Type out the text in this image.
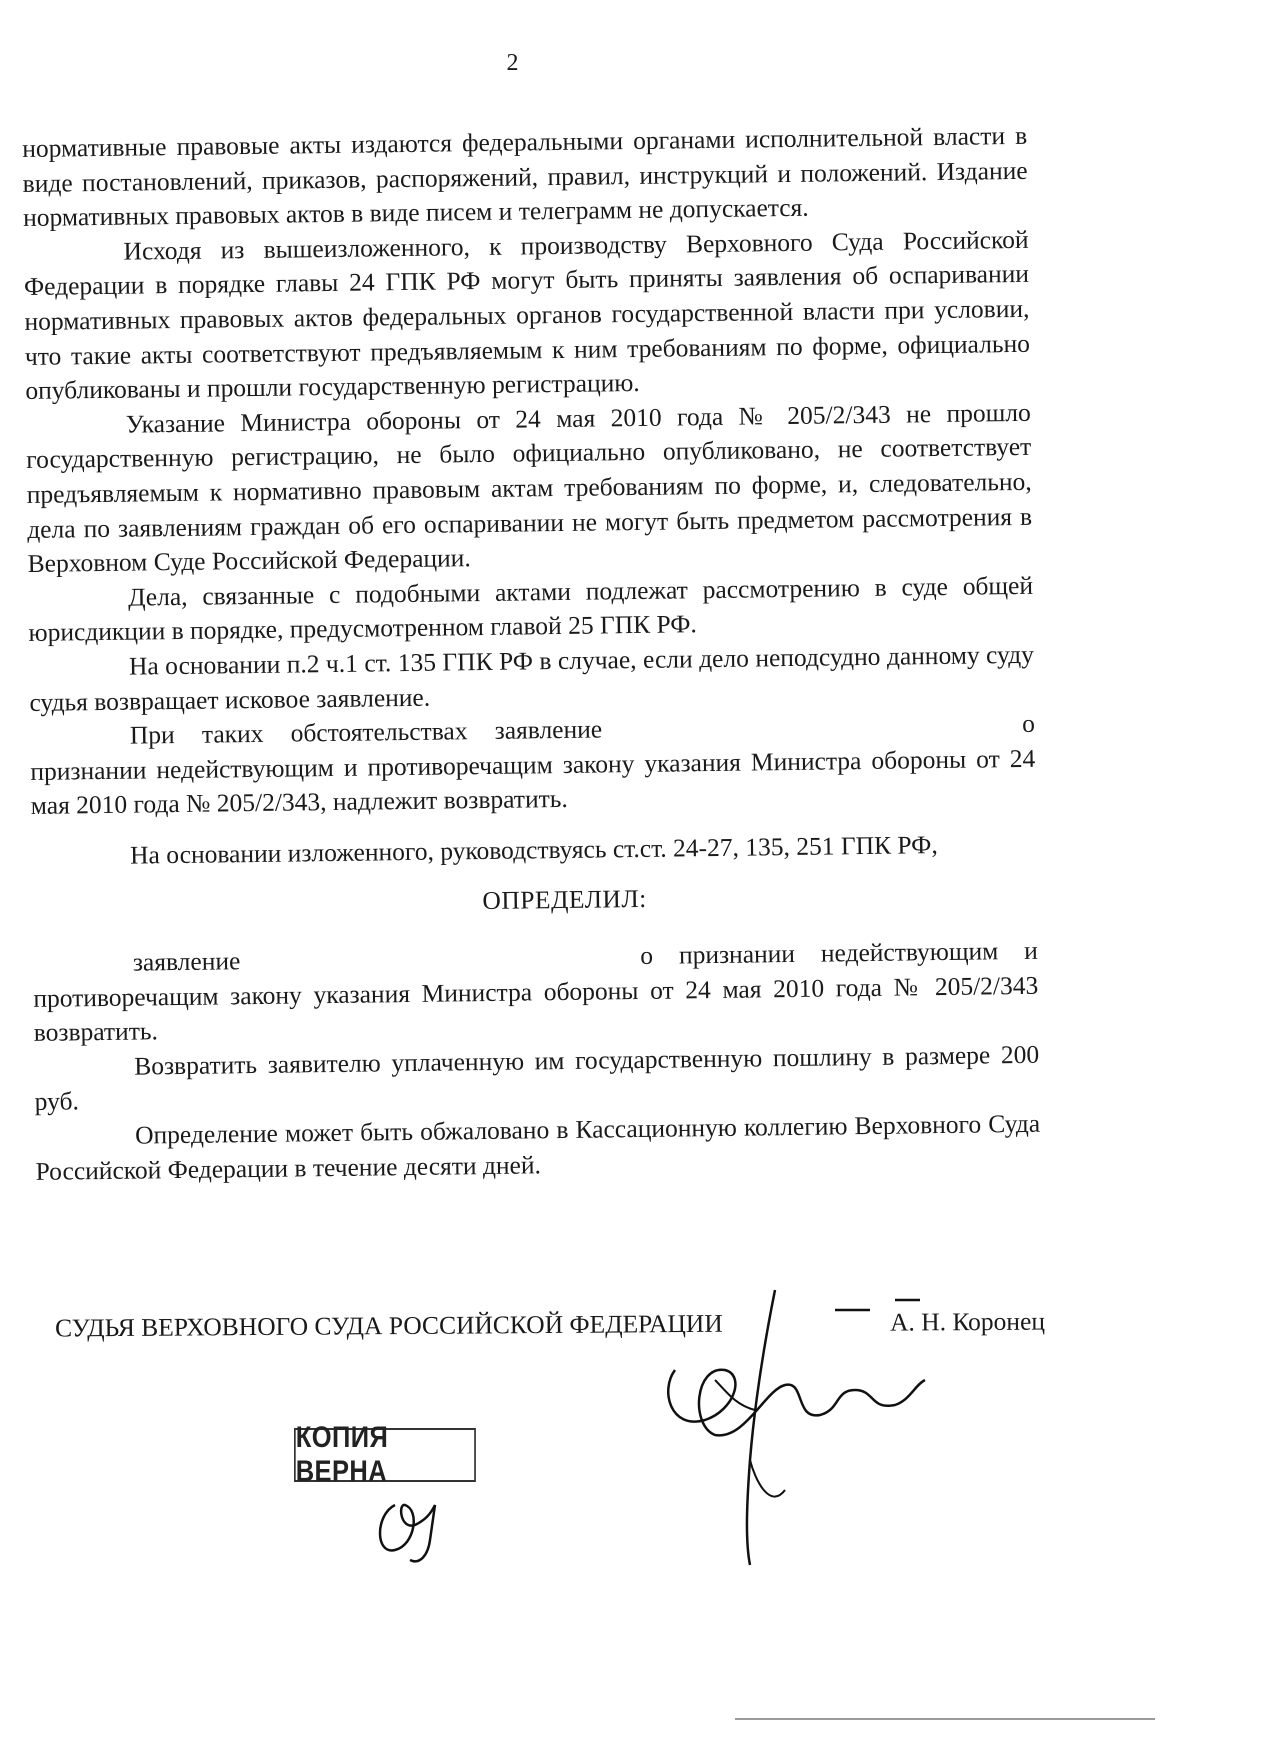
2

нормативные правовые акты издаются федеральными органами исполнительной власти в виде постановлений, приказов, распоряжений, правил, инструкций и положений. Издание нормативных правовых актов в виде писем и телеграмм не допускается.

Исходя из вышеизложенного, к производству Верховного Суда Российской Федерации в порядке главы 24 ГПК РФ могут быть приняты заявления об оспаривании нормативных правовых актов федеральных органов государственной власти при условии, что такие акты соответствуют предъявляемым к ним требованиям по форме, официально опубликованы и прошли государственную регистрацию.

Указание Министра обороны от 24 мая 2010 года № 205/2/343 не прошло государственную регистрацию, не было официально опубликовано, не соответствует предъявляемым к нормативно правовым актам требованиям по форме, и, следовательно, дела по заявлениям граждан об его оспаривании не могут быть предметом рассмотрения в Верховном Суде Российской Федерации.

Дела, связанные с подобными актами подлежат рассмотрению в суде общей юрисдикции в порядке, предусмотренном главой 25 ГПК РФ.

На основании п.2 ч.1 ст. 135 ГПК РФ в случае, если дело неподсудно данному суду судья возвращает исковое заявление.

При таких обстоятельствах заявление	о признании недействующим и противоречащим закону указания Министра обороны от 24 мая 2010 года № 205/2/343, надлежит возвратить.

На основании изложенного, руководствуясь ст.ст. 24-27, 135, 251 ГПК РФ,

ОПРЕДЕЛИЛ:

заявление	о признании недействующим и противоречащим закону указания Министра обороны от 24 мая 2010 года № 205/2/343 возвратить.

Возвратить заявителю уплаченную им государственную пошлину в размере 200 руб.

Определение может быть обжаловано в Кассационную коллегию Верховного Суда Российской Федерации в течение десяти дней.

СУДЬЯ ВЕРХОВНОГО СУДА РОССИЙСКОЙ ФЕДЕРАЦИИ	А. Н. Коронец
КОПИЯ ВЕРНА
